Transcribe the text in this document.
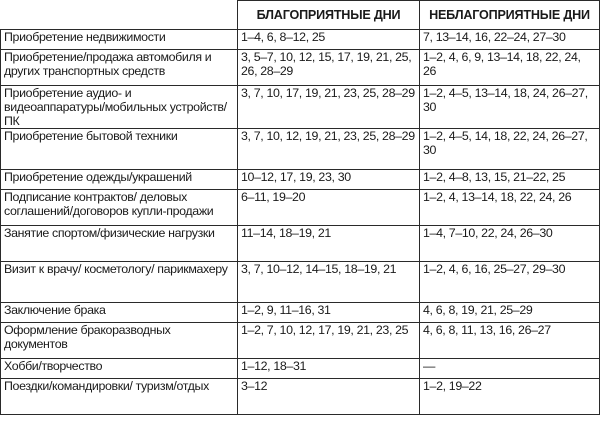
	БЛАГОПРИЯТНЫЕ ДНИ	НЕБЛАГОПРИЯТНЫЕ ДНИ
Приобретение недвижимости	1–4, 6, 8–12, 25	7, 13–14, 16, 22–24, 27–30
Приобретение/продажа автомобиля и других транспортных средств	3, 5–7, 10, 12, 15, 17, 19, 21, 25, 26, 28–29	1–2, 4, 6, 9, 13–14, 18, 22, 24, 26
Приобретение аудио- и видеоаппаратуры/мобильных устройств/ПК	3, 7, 10, 17, 19, 21, 23, 25, 28–29	1–2, 4–5, 13–14, 18, 24, 26–27, 30
Приобретение бытовой техники	3, 7, 10, 12, 19, 21, 23, 25, 28–29	1–2, 4–5, 14, 18, 22, 24, 26–27, 30
Приобретение одежды/украшений	10–12, 17, 19, 23, 30	1–2, 4–8, 13, 15, 21–22, 25
Подписание контрактов/ деловых соглашений/договоров купли-продажи	6–11, 19–20	1–2, 4, 13–14, 18, 22, 24, 26
Занятие спортом/физические нагрузки	11–14, 18–19, 21	1–4, 7–10, 22, 24, 26–30
Визит к врачу/ косметологу/ парикмахеру	3, 7, 10–12, 14–15, 18–19, 21	1–2, 4, 6, 16, 25–27, 29–30
Заключение брака	1–2, 9, 11–16, 31	4, 6, 8, 19, 21, 25–29
Оформление бракоразводных документов	1–2, 7, 10, 12, 17, 19, 21, 23, 25	4, 6, 8, 11, 13, 16, 26–27
Хобби/творчество	1–12, 18–31	—
Поездки/командировки/ туризм/отдых	3–12	1–2, 19–22
